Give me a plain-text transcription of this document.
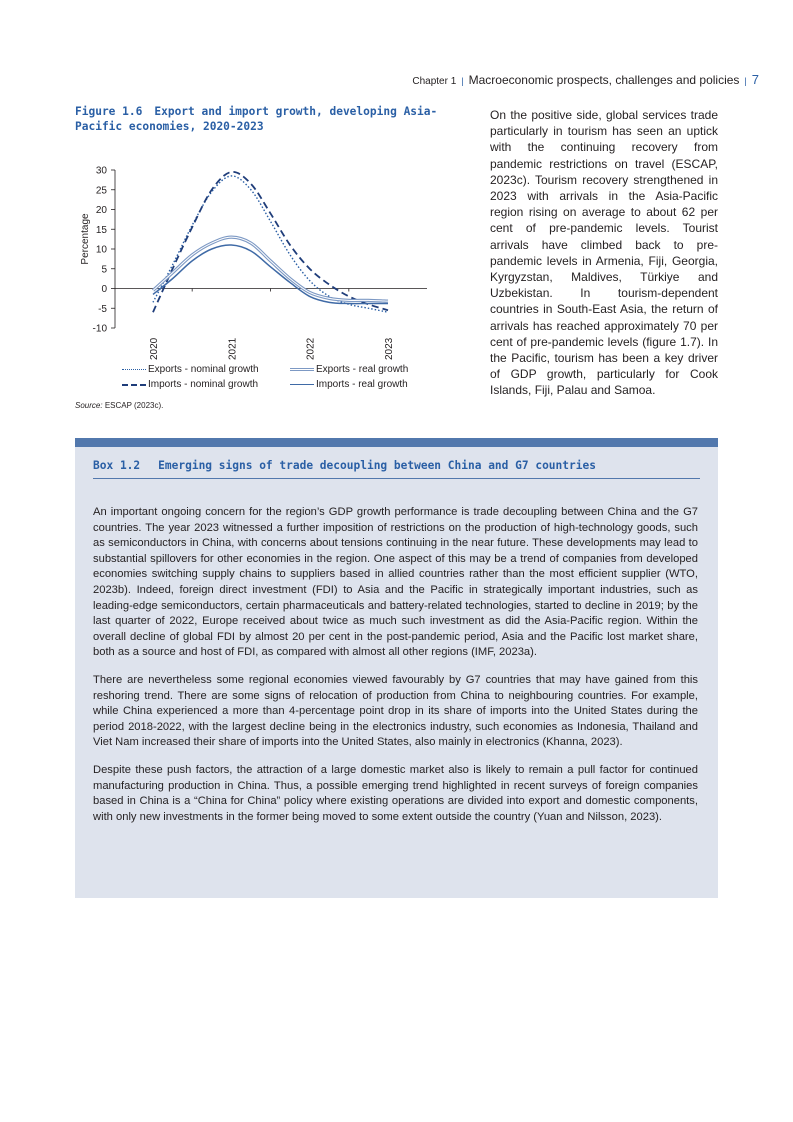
Chapter 1 | Macroeconomic prospects, challenges and policies | 7
Figure 1.6 Export and import growth, developing Asia-Pacific economies, 2020-2023
30
25
20
15
10
5
0
-5
-10
Percentage
2020	2021	2022	2023
Exports - nominal growth
Imports - nominal growth
Exports - real growth
Imports - real growth
Source: ESCAP (2023c).
On the positive side, global services trade particularly in tourism has seen an uptick with the continuing recovery from pandemic restrictions on travel (ESCAP, 2023c). Tourism recovery strengthened in 2023 with arrivals in the Asia-Pacific region rising on average to about 62 per cent of pre-pandemic levels. Tourist arrivals have climbed back to pre-pandemic levels in Armenia, Fiji, Georgia, Kyrgyzstan, Maldives, Türkiye and Uzbekistan. In tourism-dependent countries in South-East Asia, the return of arrivals has reached approximately 70 per cent of pre-pandemic levels (figure 1.7). In the Pacific, tourism has been a key driver of GDP growth, particularly for Cook Islands, Fiji, Palau and Samoa.
Box 1.2 Emerging signs of trade decoupling between China and G7 countries

An important ongoing concern for the region’s GDP growth performance is trade decoupling between China and the G7 countries. The year 2023 witnessed a further imposition of restrictions on the production of high-technology goods, such as semiconductors in China, with concerns about tensions continuing in the near future. These developments may lead to substantial spillovers for other economies in the region. One aspect of this may be a trend of companies from developed economies switching supply chains to suppliers based in allied countries rather than the most efficient supplier (WTO, 2023b). Indeed, foreign direct investment (FDI) to Asia and the Pacific in strategically important industries, such as leading-edge semiconductors, certain pharmaceuticals and battery-related technologies, started to decline in 2019; by the last quarter of 2022, Europe received about twice as much such investment as did the Asia-Pacific region. Within the overall decline of global FDI by almost 20 per cent in the post-pandemic period, Asia and the Pacific lost market share, both as a source and host of FDI, as compared with almost all other regions (IMF, 2023a).

There are nevertheless some regional economies viewed favourably by G7 countries that may have gained from this reshoring trend. There are some signs of relocation of production from China to neighbouring countries. For example, while China experienced a more than 4-percentage point drop in its share of imports into the United States during the period 2018-2022, with the largest decline being in the electronics industry, such economies as Indonesia, Thailand and Viet Nam increased their share of imports into the United States, also mainly in electronics (Khanna, 2023).

Despite these push factors, the attraction of a large domestic market also is likely to remain a pull factor for continued manufacturing production in China. Thus, a possible emerging trend highlighted in recent surveys of foreign companies based in China is a “China for China” policy where existing operations are divided into export and domestic components, with only new investments in the former being moved to some extent outside the country (Yuan and Nilsson, 2023).
